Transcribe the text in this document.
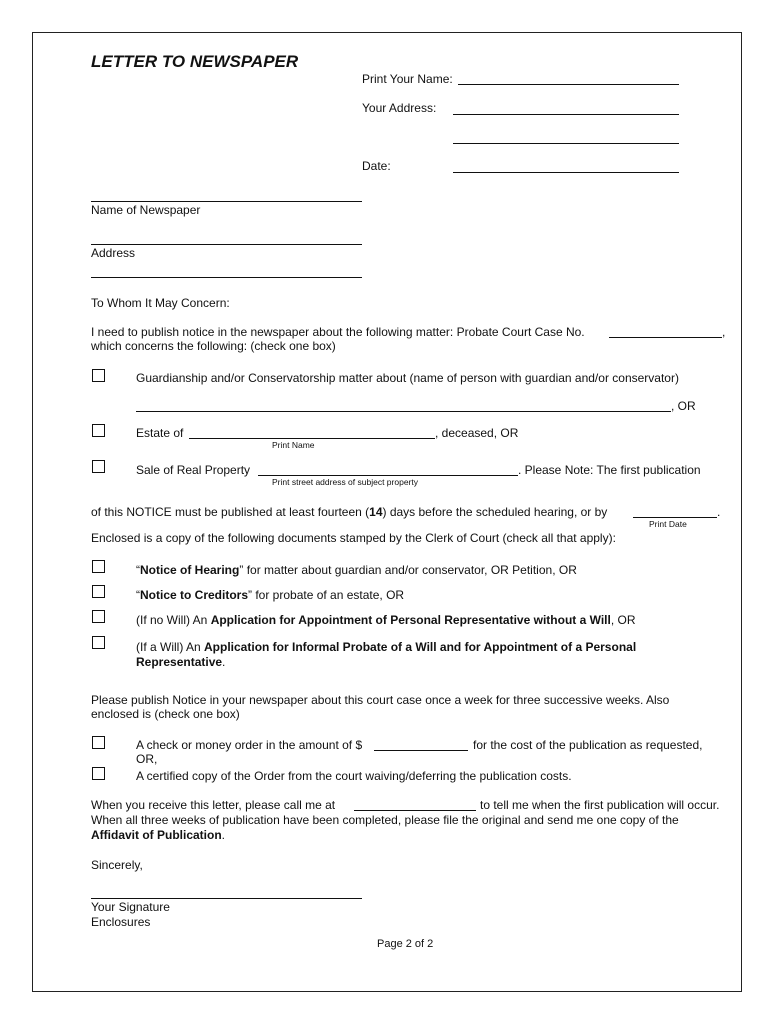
LETTER TO NEWSPAPER
Print Your Name:
Your Address:
Date:
Name of Newspaper
Address
To Whom It May Concern:
I need to publish notice in the newspaper about the following matter: Probate Court Case No.	,
which concerns the following: (check one box)
Guardianship and/or Conservatorship matter about (name of person with guardian and/or conservator)
, OR
Estate of	, deceased, OR
Print Name
Sale of Real Property	. Please Note: The first publication
Print street address of subject property
of this NOTICE must be published at least fourteen (14) days before the scheduled hearing, or by	.
Print Date
Enclosed is a copy of the following documents stamped by the Clerk of Court (check all that apply):
“Notice of Hearing” for matter about guardian and/or conservator, OR Petition, OR
“Notice to Creditors” for probate of an estate, OR
(If no Will) An Application for Appointment of Personal Representative without a Will, OR
(If a Will) An Application for Informal Probate of a Will and for Appointment of a Personal
Representative.
Please publish Notice in your newspaper about this court case once a week for three successive weeks. Also
enclosed is (check one box)
A check or money order in the amount of $	for the cost of the publication as requested,
OR,
A certified copy of the Order from the court waiving/deferring the publication costs.
When you receive this letter, please call me at	to tell me when the first publication will occur.
When all three weeks of publication have been completed, please file the original and send me one copy of the
Affidavit of Publication.
Sincerely,
Your Signature
Enclosures
Page 2 of 2
